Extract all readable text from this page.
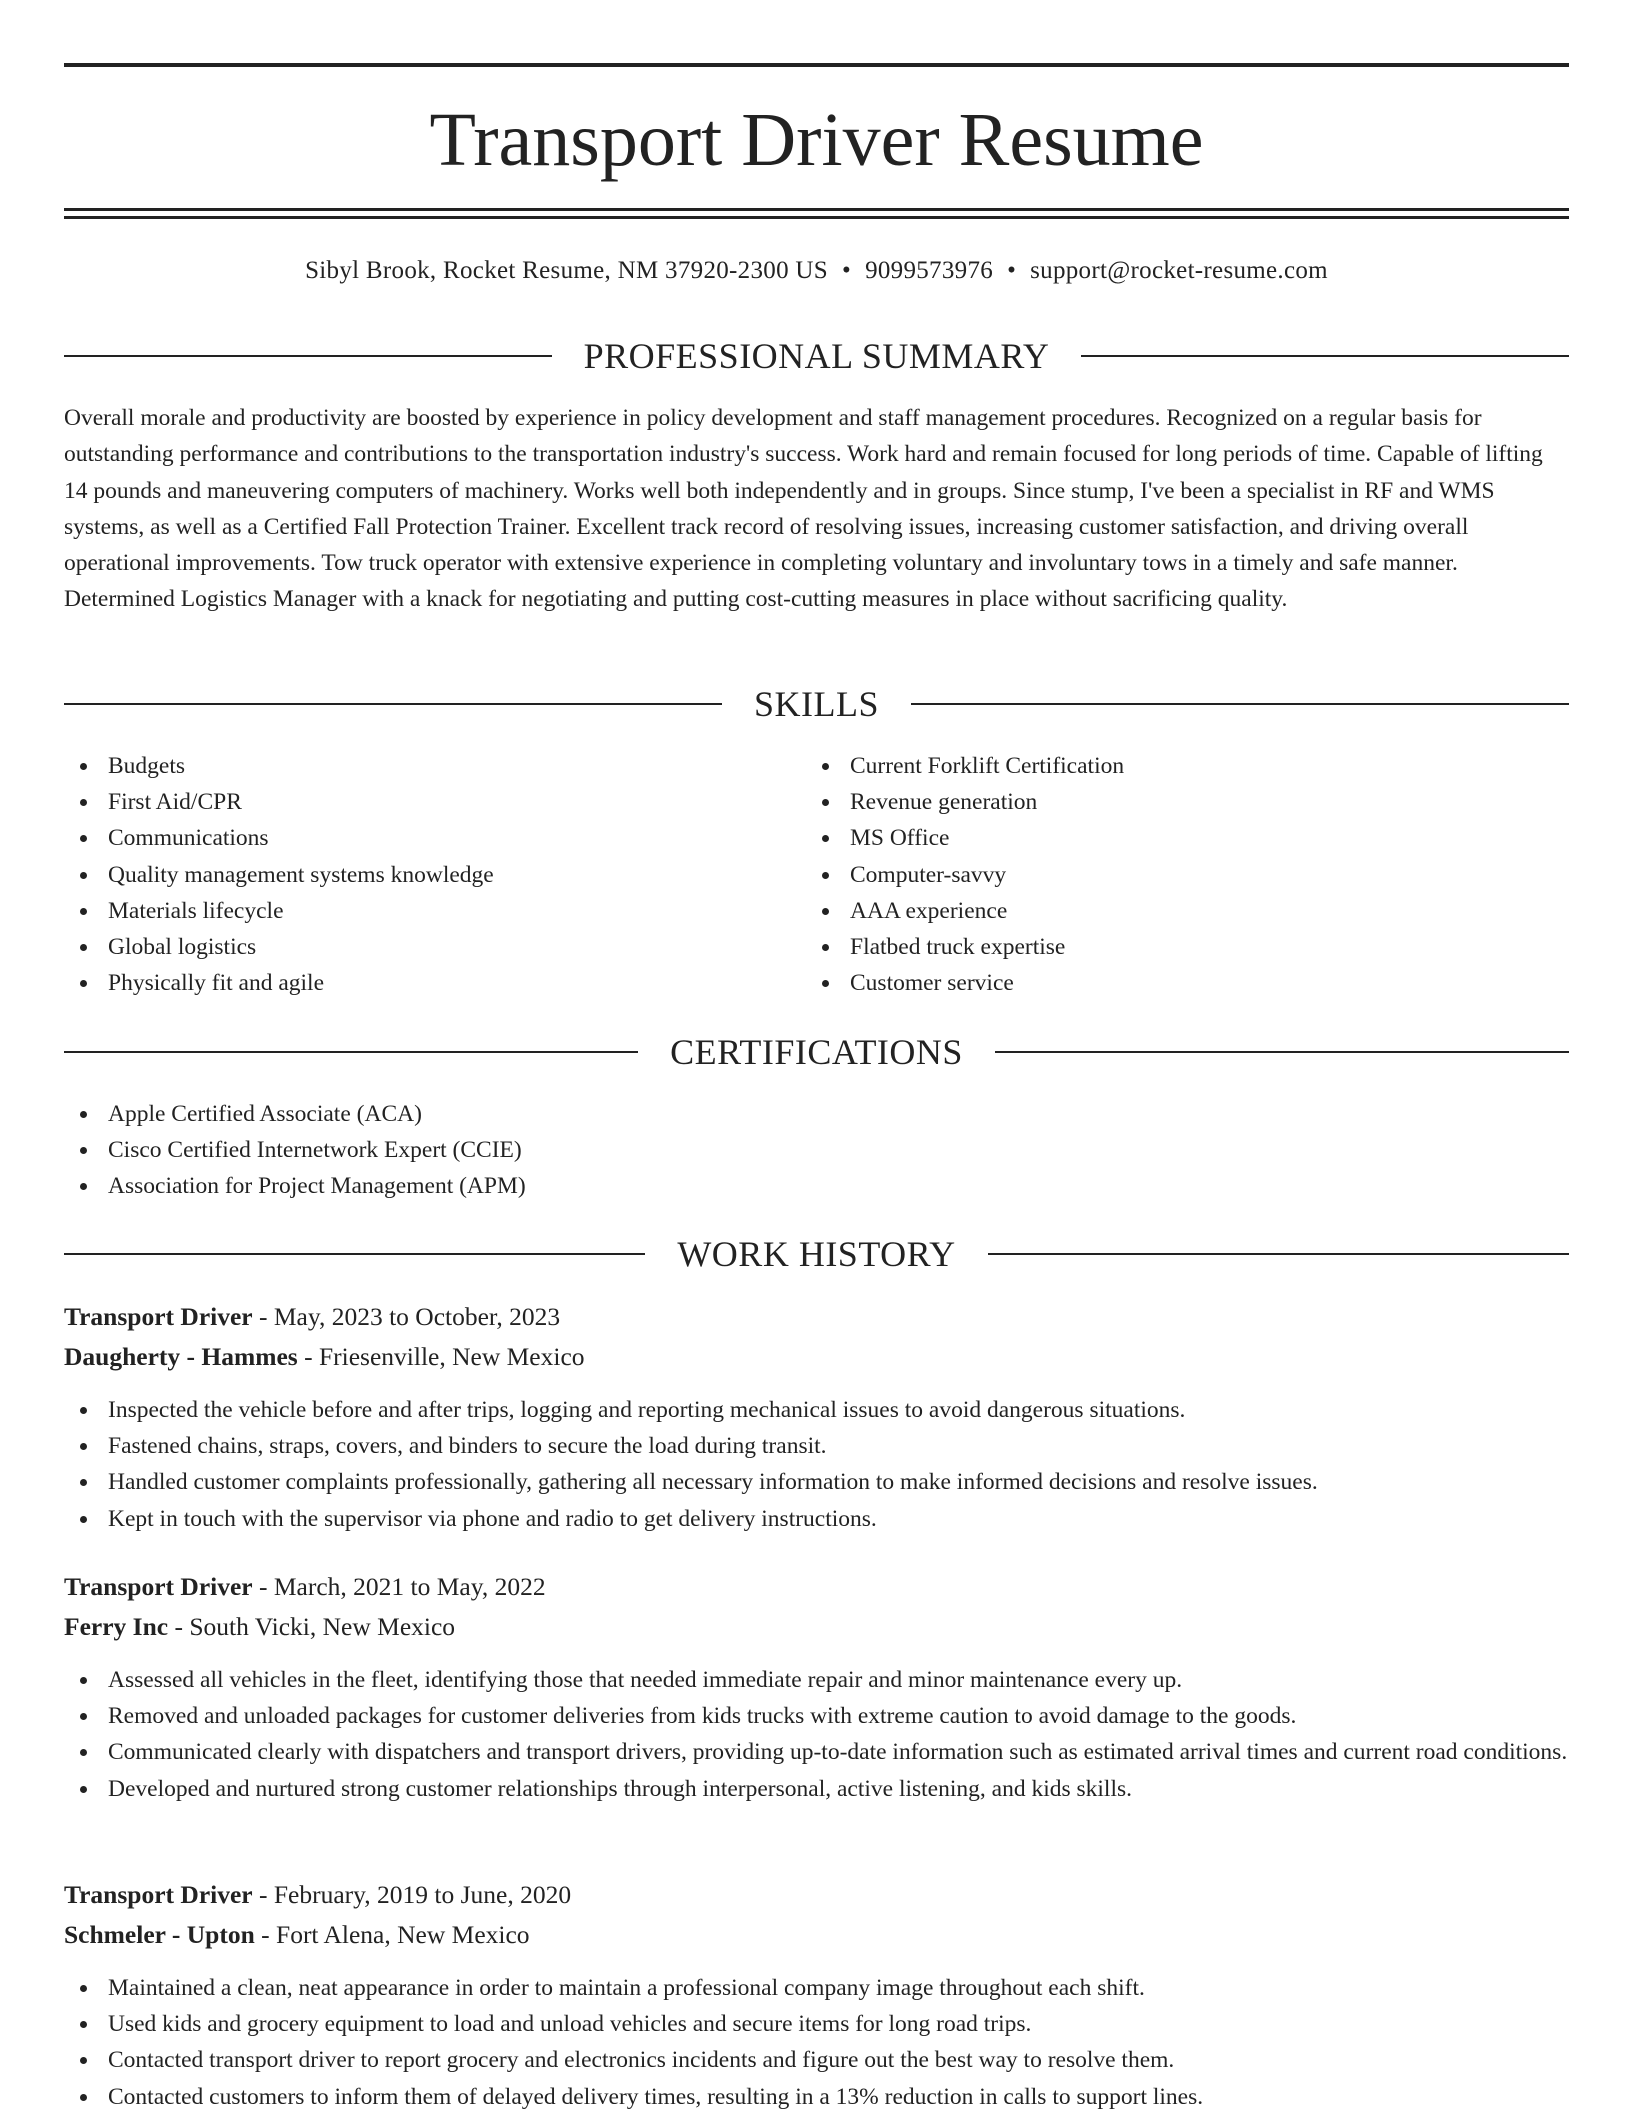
Transport Driver Resume
Sibyl Brook, Rocket Resume, NM 37920-2300 US • 9099573976 • support@rocket-resume.com
PROFESSIONAL SUMMARY

Overall morale and productivity are boosted by experience in policy development and staff management procedures. Recognized on a regular basis for outstanding performance and contributions to the transportation industry's success. Work hard and remain focused for long periods of time. Capable of lifting 14 pounds and maneuvering computers of machinery. Works well both independently and in groups. Since stump, I've been a specialist in RF and WMS systems, as well as a Certified Fall Protection Trainer. Excellent track record of resolving issues, increasing customer satisfaction, and driving overall operational improvements. Tow truck operator with extensive experience in completing voluntary and involuntary tows in a timely and safe manner. Determined Logistics Manager with a knack for negotiating and putting cost-cutting measures in place without sacrificing quality.

SKILLS
Budgets
First Aid/CPR
Communications
Quality management systems knowledge
Materials lifecycle
Global logistics
Physically fit and agile
Current Forklift Certification
Revenue generation
MS Office
Computer-savvy
AAA experience
Flatbed truck expertise
Customer service
CERTIFICATIONS
Apple Certified Associate (ACA)
Cisco Certified Internetwork Expert (CCIE)
Association for Project Management (APM)
WORK HISTORY
Transport Driver - May, 2023 to October, 2023
Daugherty - Hammes - Friesenville, New Mexico
Inspected the vehicle before and after trips, logging and reporting mechanical issues to avoid dangerous situations.
Fastened chains, straps, covers, and binders to secure the load during transit.
Handled customer complaints professionally, gathering all necessary information to make informed decisions and resolve issues.
Kept in touch with the supervisor via phone and radio to get delivery instructions.
Transport Driver - March, 2021 to May, 2022
Ferry Inc - South Vicki, New Mexico
Assessed all vehicles in the fleet, identifying those that needed immediate repair and minor maintenance every up.
Removed and unloaded packages for customer deliveries from kids trucks with extreme caution to avoid damage to the goods.
Communicated clearly with dispatchers and transport drivers, providing up-to-date information such as estimated arrival times and current road conditions.
Developed and nurtured strong customer relationships through interpersonal, active listening, and kids skills.
Transport Driver - February, 2019 to June, 2020
Schmeler - Upton - Fort Alena, New Mexico
Maintained a clean, neat appearance in order to maintain a professional company image throughout each shift.
Used kids and grocery equipment to load and unload vehicles and secure items for long road trips.
Contacted transport driver to report grocery and electronics incidents and figure out the best way to resolve them.
Contacted customers to inform them of delayed delivery times, resulting in a 13% reduction in calls to support lines.
